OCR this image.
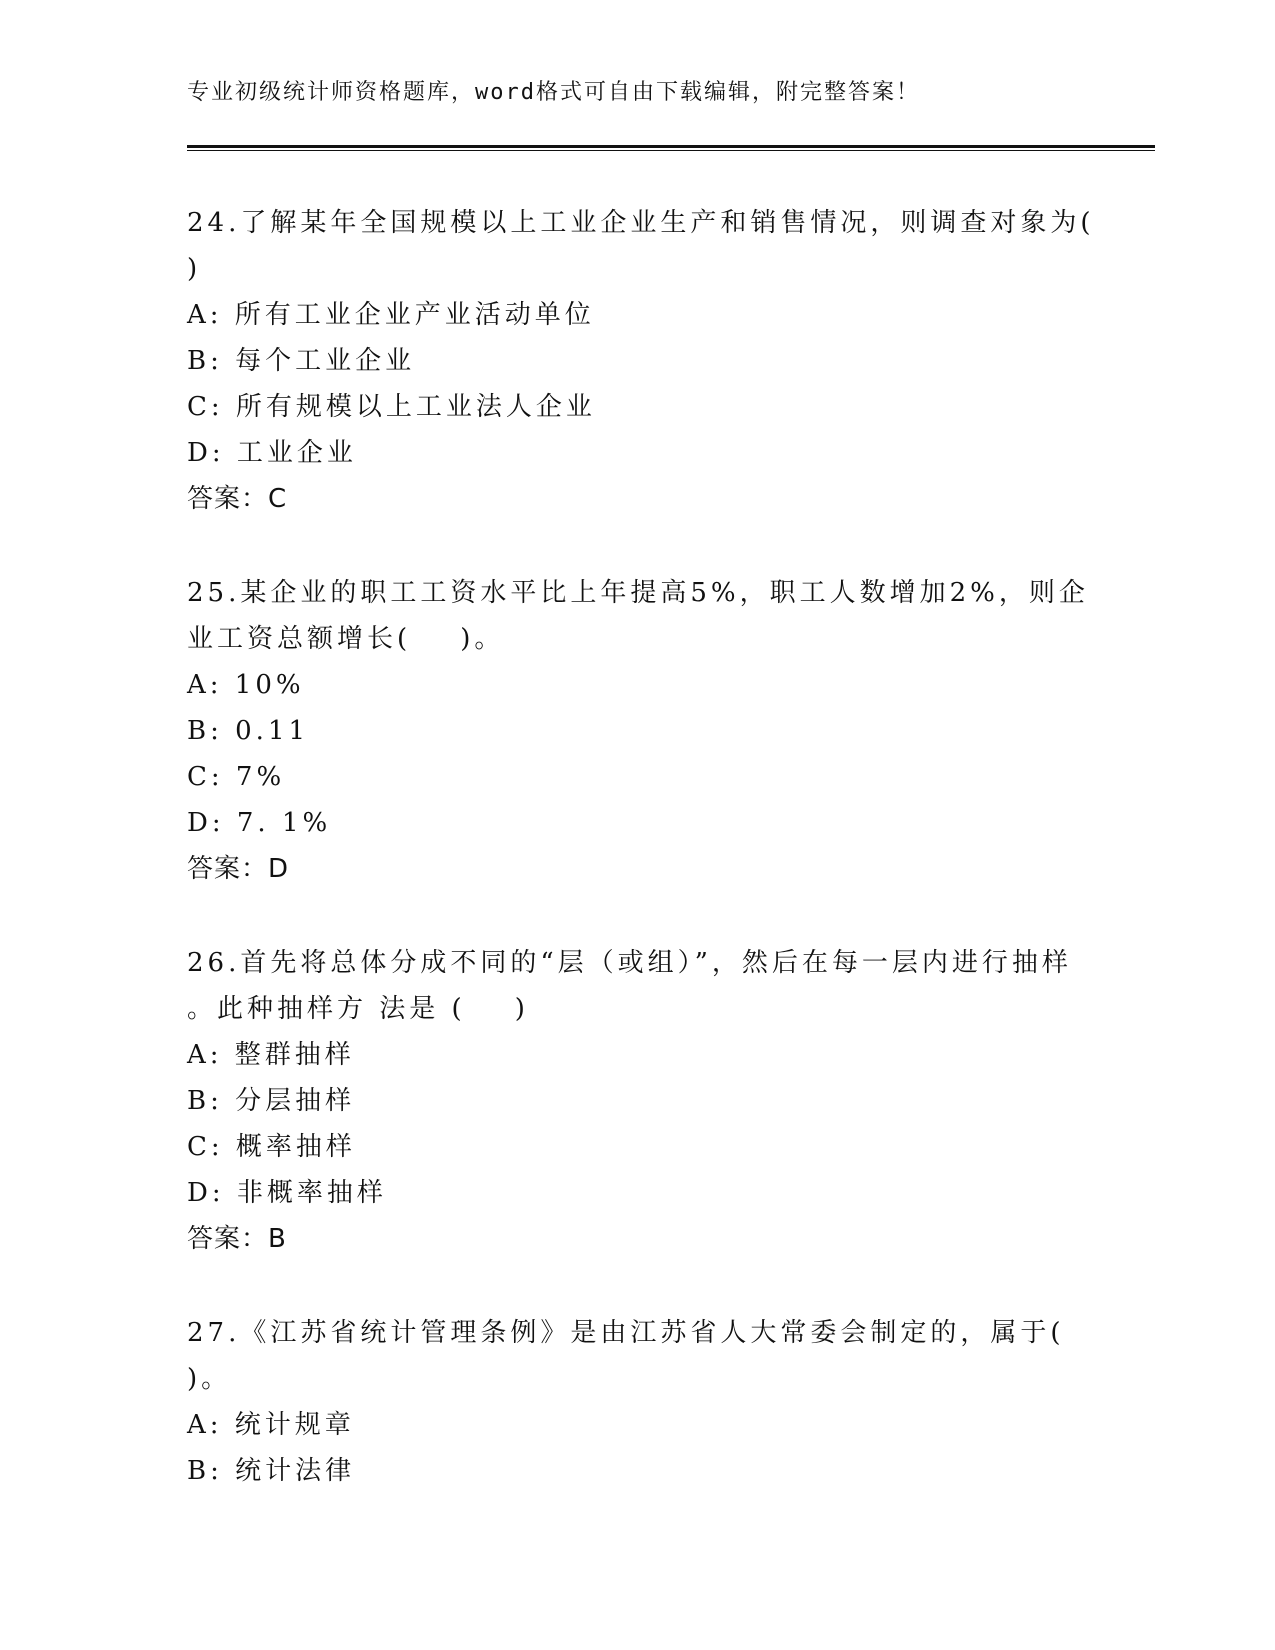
专业初级统计师资格题库，word格式可自由下载编辑，附完整答案！
24.了解某年全国规模以上工业企业生产和销售情况，则调查对象为(
)
A: 所有工业企业产业活动单位
B: 每个工业企业
C: 所有规模以上工业法人企业
D: 工业企业
答案：C
25.某企业的职工工资水平比上年提高5%，职工人数增加2%，则企
业工资总额增长(    )。
A: 10%
B: 0.11
C: 7%
D: 7. 1%
答案：D
26.首先将总体分成不同的“层（或组）”，然后在每一层内进行抽样
。此种抽样方 法是 (    )
A: 整群抽样
B: 分层抽样
C: 概率抽样
D: 非概率抽样
答案：B
27.《江苏省统计管理条例》是由江苏省人大常委会制定的，属于(
)。
A: 统计规章
B: 统计法律
